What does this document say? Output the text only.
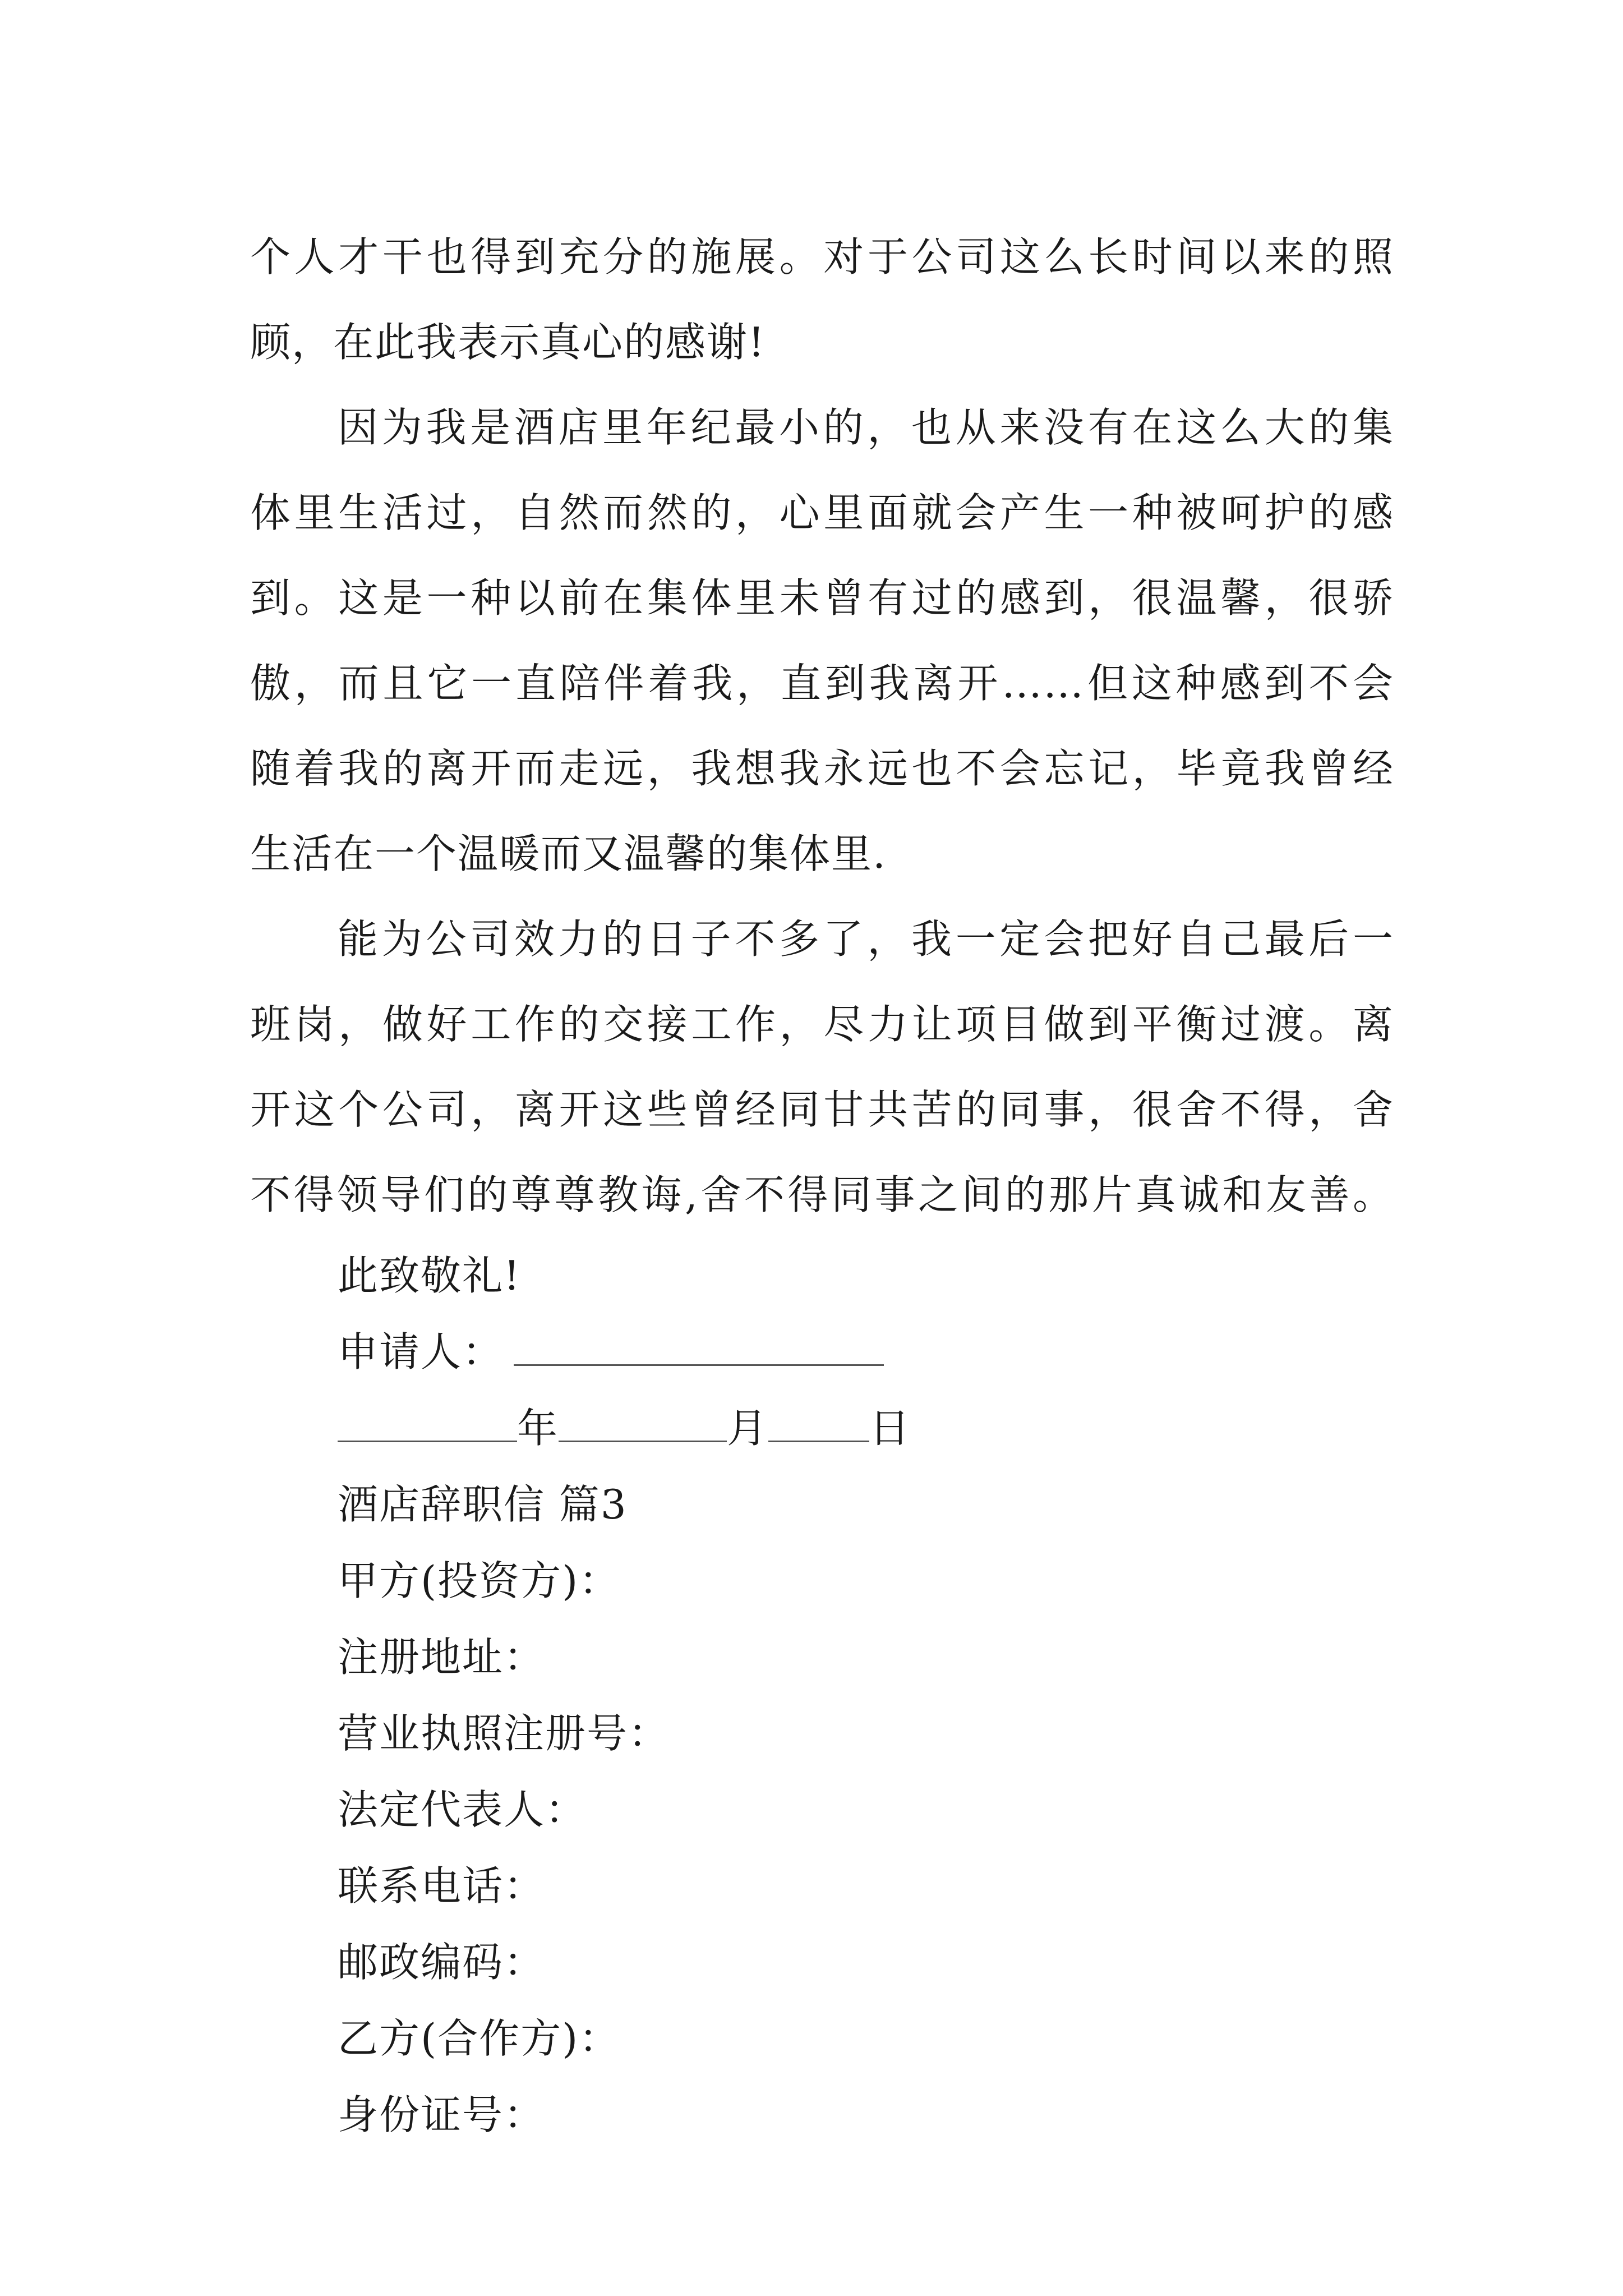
个人才干也得到充分的施展。对于公司这么长时间以来的照
顾，在此我表示真心的感谢!
因为我是酒店里年纪最小的，也从来没有在这么大的集
体里生活过，自然而然的，心里面就会产生一种被呵护的感
到。这是一种以前在集体里未曾有过的感到，很温馨，很骄
傲，而且它一直陪伴着我，直到我离开……但这种感到不会
随着我的离开而走远，我想我永远也不会忘记，毕竟我曾经
生活在一个温暖而又温馨的集体里.
能为公司效力的日子不多了，我一定会把好自己最后一
班岗，做好工作的交接工作，尽力让项目做到平衡过渡。离
开这个公司，离开这些曾经同甘共苦的同事，很舍不得，舍
不得领导们的尊尊教诲,舍不得同事之间的那片真诚和友善。
此致敬礼!
申请人：
年	月	日
酒店辞职信 篇3
甲方(投资方)：
注册地址：
营业执照注册号：
法定代表人：
联系电话：
邮政编码：
乙方(合作方)：
身份证号：
